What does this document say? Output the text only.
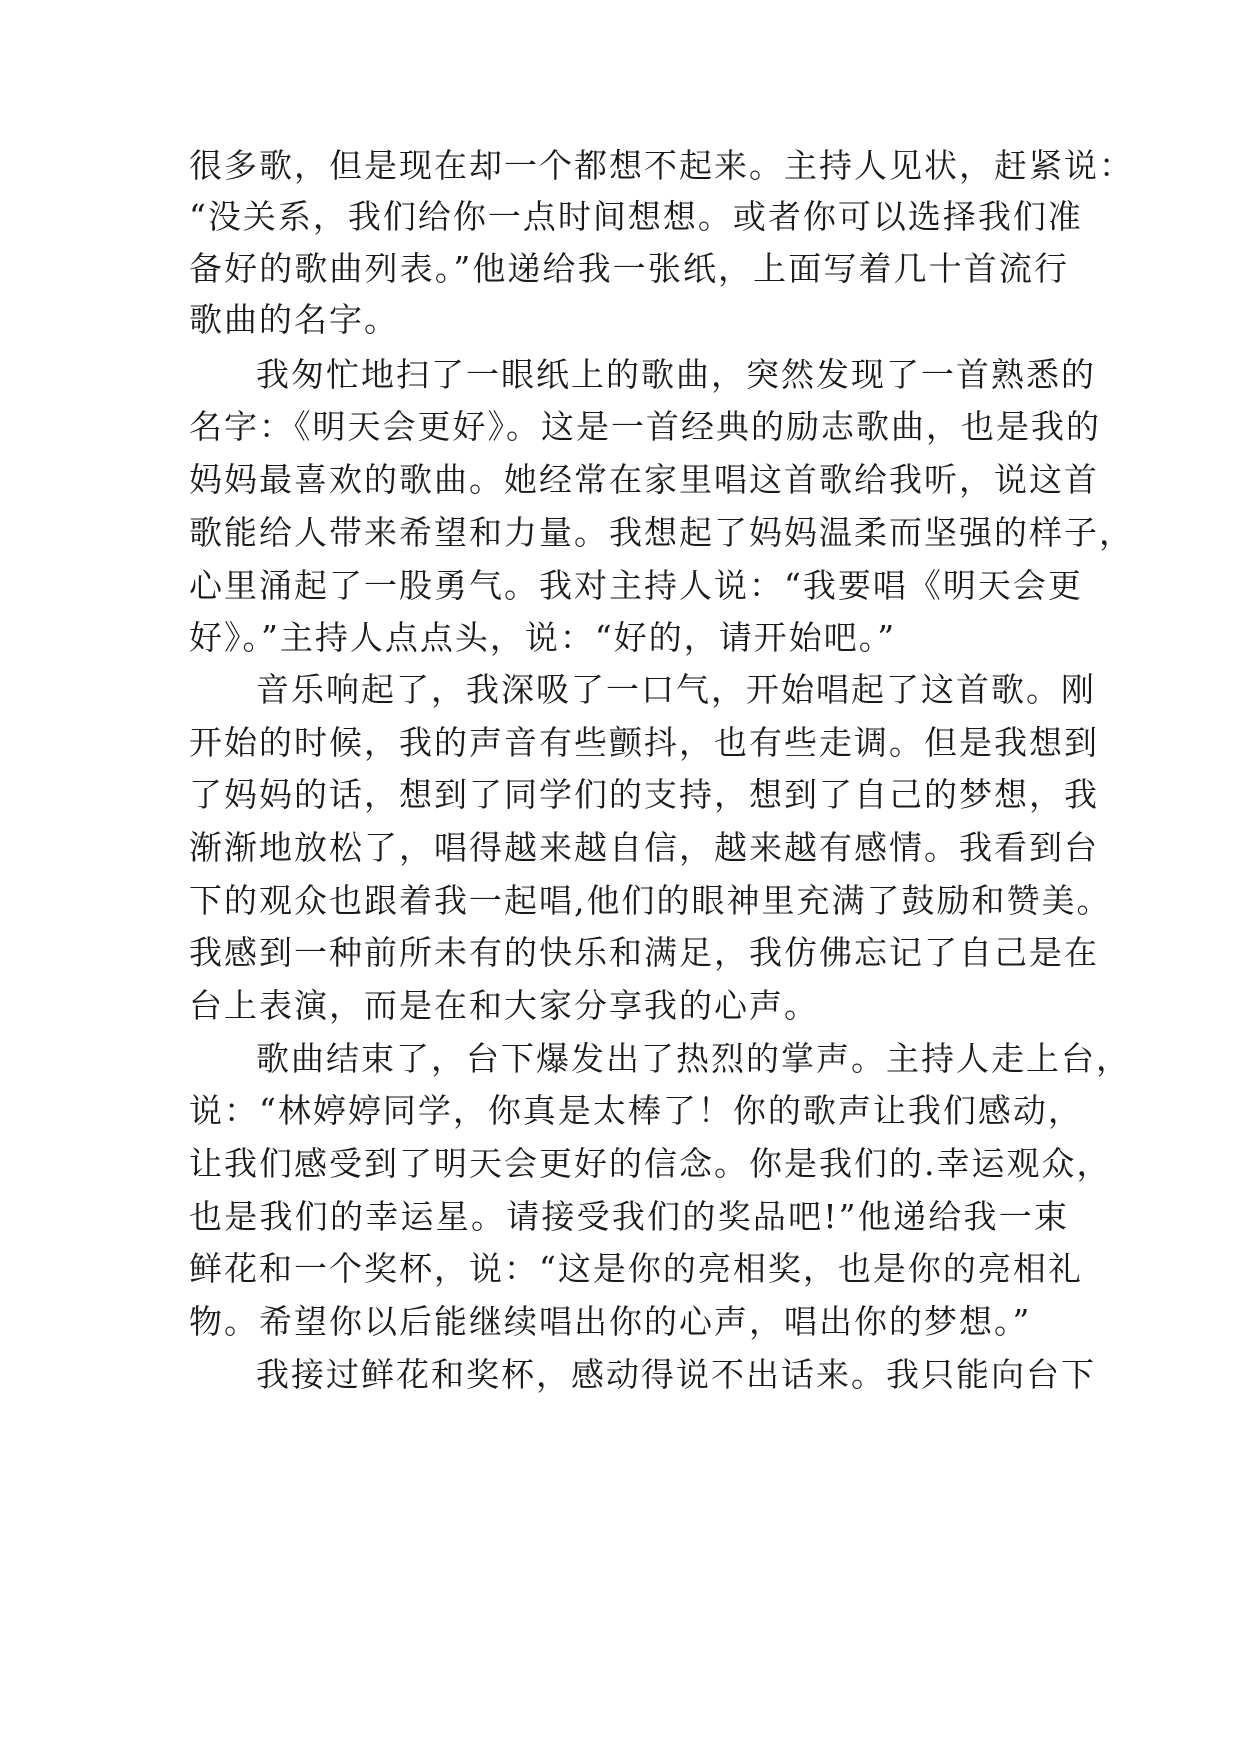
很多歌，但是现在却一个都想不起来。主持人见状，赶紧说：
“没关系，我们给你一点时间想想。或者你可以选择我们准
备好的歌曲列表。”他递给我一张纸，上面写着几十首流行
歌曲的名字。
我匆忙地扫了一眼纸上的歌曲，突然发现了一首熟悉的
名字：《明天会更好》。这是一首经典的励志歌曲，也是我的
妈妈最喜欢的歌曲。她经常在家里唱这首歌给我听，说这首
歌能给人带来希望和力量。我想起了妈妈温柔而坚强的样子，
心里涌起了一股勇气。我对主持人说：“我要唱《明天会更
好》。”主持人点点头，说：“好的，请开始吧。”
音乐响起了，我深吸了一口气，开始唱起了这首歌。刚
开始的时候，我的声音有些颤抖，也有些走调。但是我想到
了妈妈的话，想到了同学们的支持，想到了自己的梦想，我
渐渐地放松了，唱得越来越自信，越来越有感情。我看到台
下的观众也跟着我一起唱,他们的眼神里充满了鼓励和赞美。
我感到一种前所未有的快乐和满足，我仿佛忘记了自己是在
台上表演，而是在和大家分享我的心声。
歌曲结束了，台下爆发出了热烈的掌声。主持人走上台，
说：“林婷婷同学，你真是太棒了！你的歌声让我们感动，
让我们感受到了明天会更好的信念。你是我们的.幸运观众，
也是我们的幸运星。请接受我们的奖品吧!”他递给我一束
鲜花和一个奖杯，说：“这是你的亮相奖，也是你的亮相礼
物。希望你以后能继续唱出你的心声，唱出你的梦想。”
我接过鲜花和奖杯，感动得说不出话来。我只能向台下
